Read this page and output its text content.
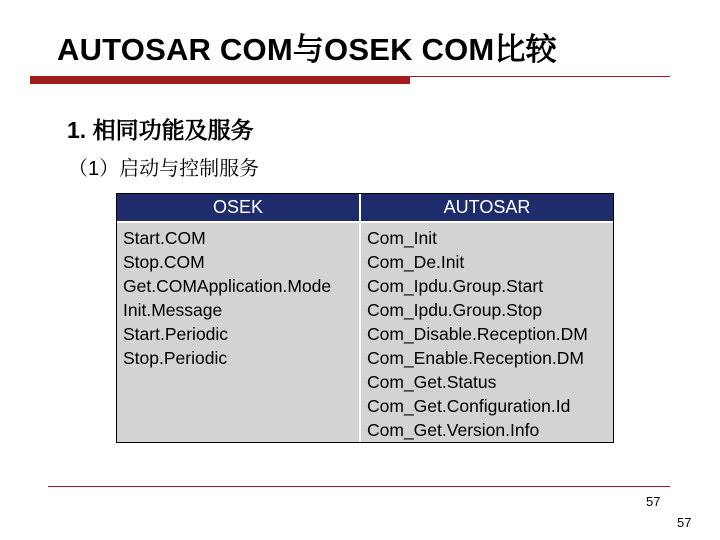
AUTOSAR COM与OSEK COM比较
1. 相同功能及服务
（1）启动与控制服务
OSEK
Start.COM
Stop.COM
Get.COMApplication.Mode
Init.Message
Start.Periodic
Stop.Periodic
AUTOSAR
Com_Init
Com_De.Init
Com_Ipdu.Group.Start
Com_Ipdu.Group.Stop
Com_Disable.Reception.DM
Com_Enable.Reception.DM
Com_Get.Status
Com_Get.Configuration.Id
Com_Get.Version.Info
57
57
